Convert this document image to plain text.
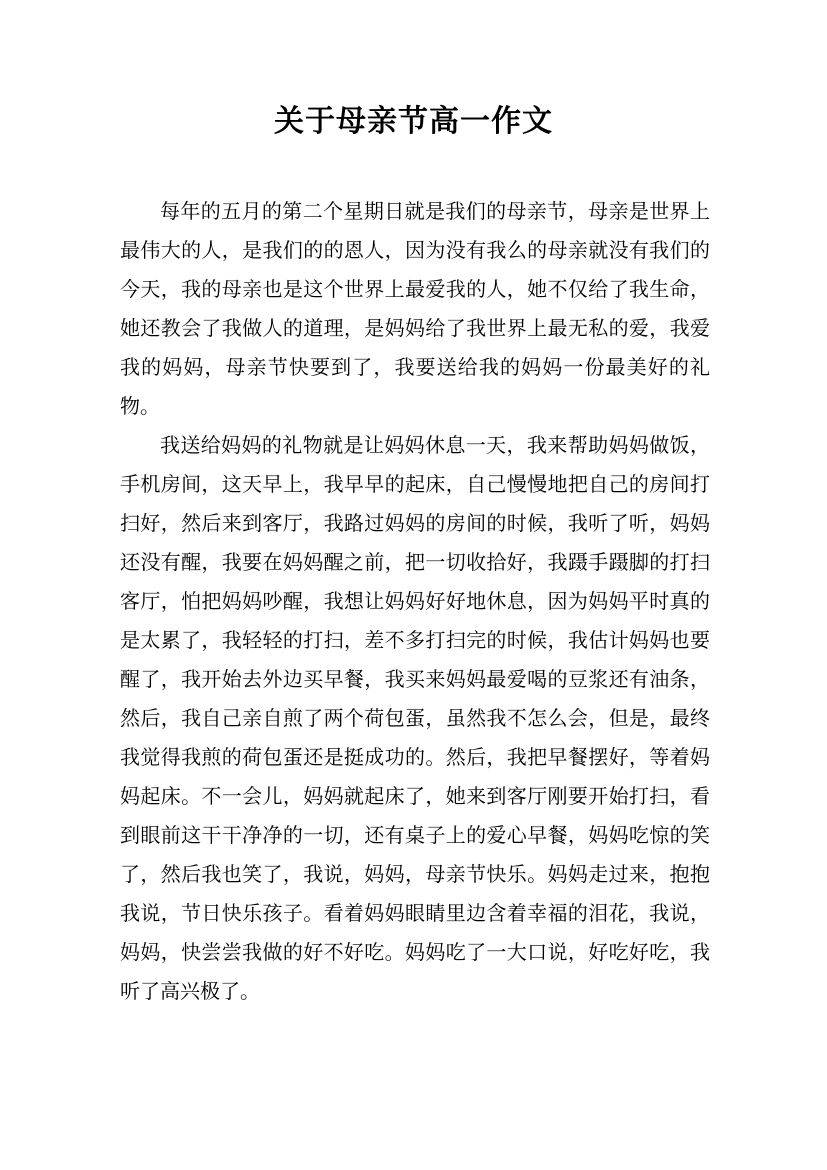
关于母亲节高一作文

每年的五月的第二个星期日就是我们的母亲节，母亲是世界上最伟大的人，是我们的的恩人，因为没有我么的母亲就没有我们的今天，我的母亲也是这个世界上最爱我的人，她不仅给了我生命，她还教会了我做人的道理，是妈妈给了我世界上最无私的爱，我爱我的妈妈，母亲节快要到了，我要送给我的妈妈一份最美好的礼物。

我送给妈妈的礼物就是让妈妈休息一天，我来帮助妈妈做饭，手机房间，这天早上，我早早的起床，自己慢慢地把自己的房间打扫好，然后来到客厅，我路过妈妈的房间的时候，我听了听，妈妈还没有醒，我要在妈妈醒之前，把一切收拾好，我蹑手蹑脚的打扫客厅，怕把妈妈吵醒，我想让妈妈好好地休息，因为妈妈平时真的是太累了，我轻轻的打扫，差不多打扫完的时候，我估计妈妈也要醒了，我开始去外边买早餐，我买来妈妈最爱喝的豆浆还有油条，然后，我自己亲自煎了两个荷包蛋，虽然我不怎么会，但是，最终我觉得我煎的荷包蛋还是挺成功的。然后，我把早餐摆好，等着妈妈起床。不一会儿，妈妈就起床了，她来到客厅刚要开始打扫，看到眼前这干干净净的一切，还有桌子上的爱心早餐，妈妈吃惊的笑了，然后我也笑了，我说，妈妈，母亲节快乐。妈妈走过来，抱抱我说，节日快乐孩子。看着妈妈眼睛里边含着幸福的泪花，我说，妈妈，快尝尝我做的好不好吃。妈妈吃了一大口说，好吃好吃，我听了高兴极了。
